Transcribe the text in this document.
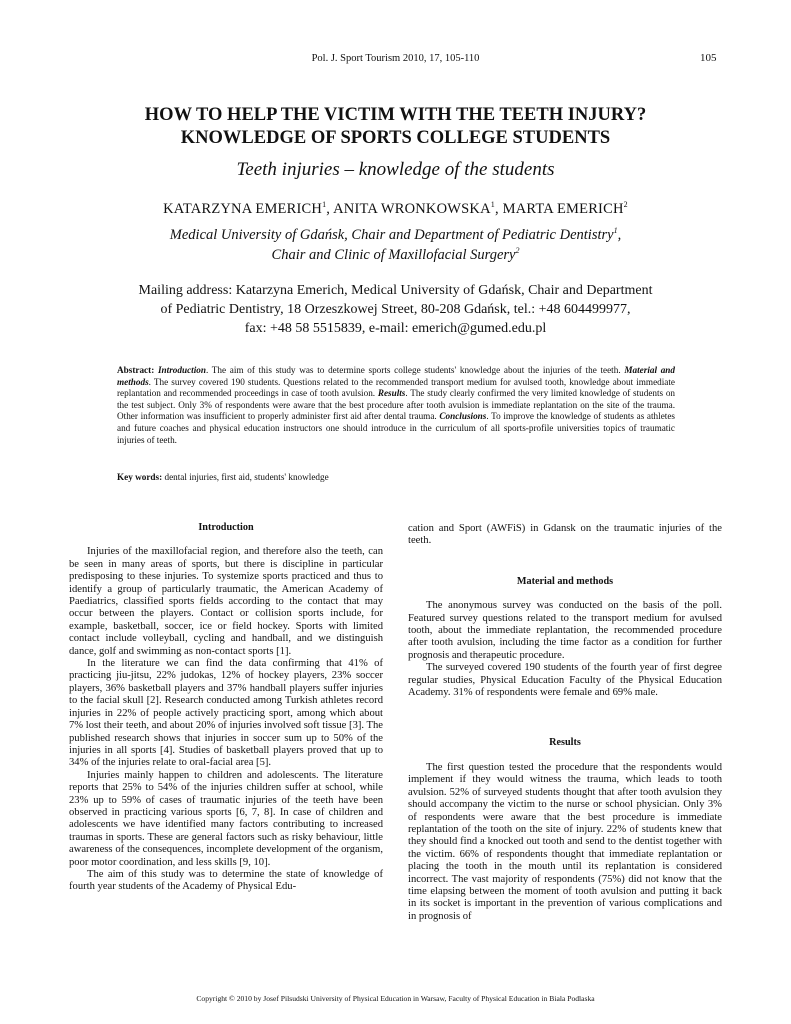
Pol. J. Sport Tourism 2010, 17, 105-110	105
HOW TO HELP THE VICTIM WITH THE TEETH INJURY?
KNOWLEDGE OF SPORTS COLLEGE STUDENTS
Teeth injuries – knowledge of the students
KATARZYNA EMERICH$^1$, ANITA WRONKOWSKA$^1$, MARTA EMERICH$^2$
Medical University of Gdańsk, Chair and Department of Pediatric Dentistry$^1$,
Chair and Clinic of Maxillofacial Surgery$^2$
Mailing address: Katarzyna Emerich, Medical University of Gdańsk, Chair and Department
of Pediatric Dentistry, 18 Orzeszkowej Street, 80-208 Gdańsk, tel.: +48 604499977,
fax: +48 58 5515839, e-mail: emerich@gumed.edu.pl
Abstract: Introduction. The aim of this study was to determine sports college students' knowledge about the injuries of the teeth. Material and methods. The survey covered 190 students. Questions related to the recommended transport medium for avulsed tooth, knowledge about immediate replantation and recommended proceedings in case of tooth avulsion. Results. The study clearly confirmed the very limited knowledge of students on the test subject. Only 3% of respondents were aware that the best procedure after tooth avulsion is immediate replantation on the site of the trauma. Other information was insufficient to properly administer first aid after dental trauma. Conclusions. To improve the knowledge of students as athletes and future coaches and physical education instructors one should introduce in the curriculum of all sports-profile universities topics of traumatic injuries of teeth.
Key words: dental injuries, first aid, students' knowledge
Introduction

Injuries of the maxillofacial region, and therefore also the teeth, can be seen in many areas of sports, but there is discipline in particular predisposing to these injuries. To systemize sports practiced and thus to identify a group of particularly traumatic, the American Academy of Paediatrics, classified sports fields according to the contact that may occur between the players. Contact or collision sports include, for example, basketball, soccer, ice or field hockey. Sports with limited contact include volleyball, cycling and handball, and we distinguish dance, golf and swimming as non-contact sports [1].

In the literature we can find the data confirming that 41% of practicing jiu-jitsu, 22% judokas, 12% of hockey players, 23% soccer players, 36% basketball players and 37% handball players suffer injuries to the facial skull [2]. Research conducted among Turkish athletes record injuries in 22% of people actively practicing sport, among which about 7% lost their teeth, and about 20% of injuries involved soft tissue [3]. The published research shows that injuries in soccer sum up to 50% of the injuries in all sports [4]. Studies of basketball players proved that up to 34% of the injuries relate to oral-facial area [5].

Injuries mainly happen to children and adolescents. The literature reports that 25% to 54% of the injuries children suffer at school, while 23% up to 59% of cases of traumatic injuries of the teeth have been observed in practicing various sports [6, 7, 8]. In case of children and adolescents we have identified many factors contributing to increased traumas in sports. These are general factors such as risky behaviour, little awareness of the consequences, incomplete development of the organism, poor motor coordination, and less skills [9, 10].

The aim of this study was to determine the state of knowledge of fourth year students of the Academy of Physical Edu-

cation and Sport (AWFiS) in Gdansk on the traumatic injuries of the teeth.

Material and methods

The anonymous survey was conducted on the basis of the poll. Featured survey questions related to the transport medium for avulsed tooth, about the immediate replantation, the recommended procedure after tooth avulsion, including the time factor as a condition for further prognosis and therapeutic procedure.

The surveyed covered 190 students of the fourth year of first degree regular studies, Physical Education Faculty of the Physical Education Academy. 31% of respondents were female and 69% male.

Results

The first question tested the procedure that the respondents would implement if they would witness the trauma, which leads to tooth avulsion. 52% of surveyed students thought that after tooth avulsion they should accompany the victim to the nurse or school physician. Only 3% of respondents were aware that the best procedure is immediate replantation of the tooth on the site of injury. 22% of students knew that they should find a knocked out tooth and send to the dentist together with the victim. 66% of respondents thought that immediate replantation or placing the tooth in the mouth until its replantation is considered incorrect. The vast majority of respondents (75%) did not know that the time elapsing between the moment of tooth avulsion and putting it back in its socket is important in the prevention of various complications and in prognosis of

Copyright © 2010 by Josef Pilsudski University of Physical Education in Warsaw, Faculty of Physical Education in Biala Podlaska
